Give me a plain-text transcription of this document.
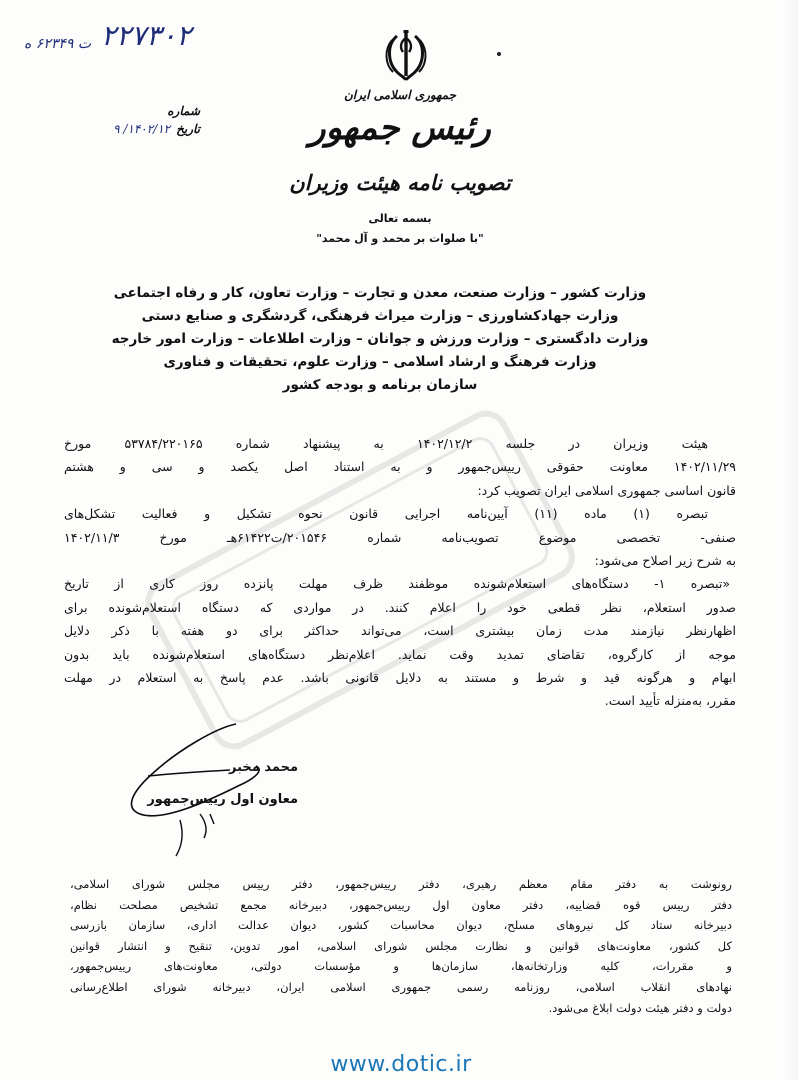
ت ۶۲۳۴۹ ه ۲۲۷۳۰۲
شماره
تاریخ
۱۴۰۲/۱۲/ ۹
جمهوری اسلامی ایران
رئیس جمهور
تصویب نامه هیئت وزیران
بسمه تعالی
"با صلوات بر محمد و آل محمد"
وزارت کشور – وزارت صنعت، معدن و تجارت – وزارت تعاون، کار و رفاه اجتماعی
وزارت جهادکشاورزی – وزارت میراث فرهنگی، گردشگری و صنایع دستی
وزارت دادگستری – وزارت ورزش و جوانان – وزارت اطلاعات – وزارت امور خارجه
وزارت فرهنگ و ارشاد اسلامی – وزارت علوم، تحقیقات و فناوری
سازمان برنامه و بودجه کشور
هیئت وزیران در جلسه ۱۴۰۲/۱۲/۲ به پیشنهاد شماره ۵۳۷۸۴/۲۲۰۱۶۵ مورخ
۱۴۰۲/۱۱/۲۹ معاونت حقوقی رییس‌جمهور و به استناد اصل یکصد و سی و هشتم
قانون اساسی جمهوری اسلامی ایران تصویب کرد:
تبصره (۱) ماده (۱۱) آیین‌نامه اجرایی قانون نحوه تشکیل و فعالیت تشکل‌های
صنفی- تخصصی موضوع تصویب‌نامه شماره ۲۰۱۵۴۶/ت۶۱۴۲۲هـ مورخ ۱۴۰۲/۱۱/۳
به شرح زیر اصلاح می‌شود:
«تبصره ۱- دستگاه‌های استعلام‌شونده موظفند ظرف مهلت پانزده روز کاری از تاریخ
صدور استعلام، نظر قطعی خود را اعلام کنند. در مواردی که دستگاه استعلام‌شونده برای
اظهارنظر نیازمند مدت زمان بیشتری است، می‌تواند حداکثر برای دو هفته با ذکر دلایل
موجه از کارگروه، تقاضای تمدید وقت نماید. اعلام‌نظر دستگاه‌های استعلام‌شونده باید بدون
ابهام و هرگونه قید و شرط و مستند به دلایل قانونی باشد. عدم پاسخ به استعلام در مهلت
مقرر، به‌منزله تأیید است.
محمد مخبر
معاون اول رییس‌جمهور
رونوشت به دفتر مقام معظم رهبری، دفتر رییس‌جمهور، دفتر رییس مجلس شورای اسلامی،
دفتر رییس قوه قضاییه، دفتر معاون اول رییس‌جمهور، دبیرخانه مجمع تشخیص مصلحت نظام،
دبیرخانه ستاد کل نیروهای مسلح، دیوان محاسبات کشور، دیوان عدالت اداری، سازمان بازرسی
کل کشور، معاونت‌های قوانین و نظارت مجلس شورای اسلامی، امور تدوین، تنقیح و انتشار قوانین
و مقررات، کلیه وزارتخانه‌ها، سازمان‌ها و مؤسسات دولتی، معاونت‌های رییس‌جمهور،
نهادهای انقلاب اسلامی، روزنامه رسمی جمهوری اسلامی ایران، دبیرخانه شورای اطلاع‌رسانی
دولت و دفتر هیئت دولت ابلاغ می‌شود.
www.dotic.ir
